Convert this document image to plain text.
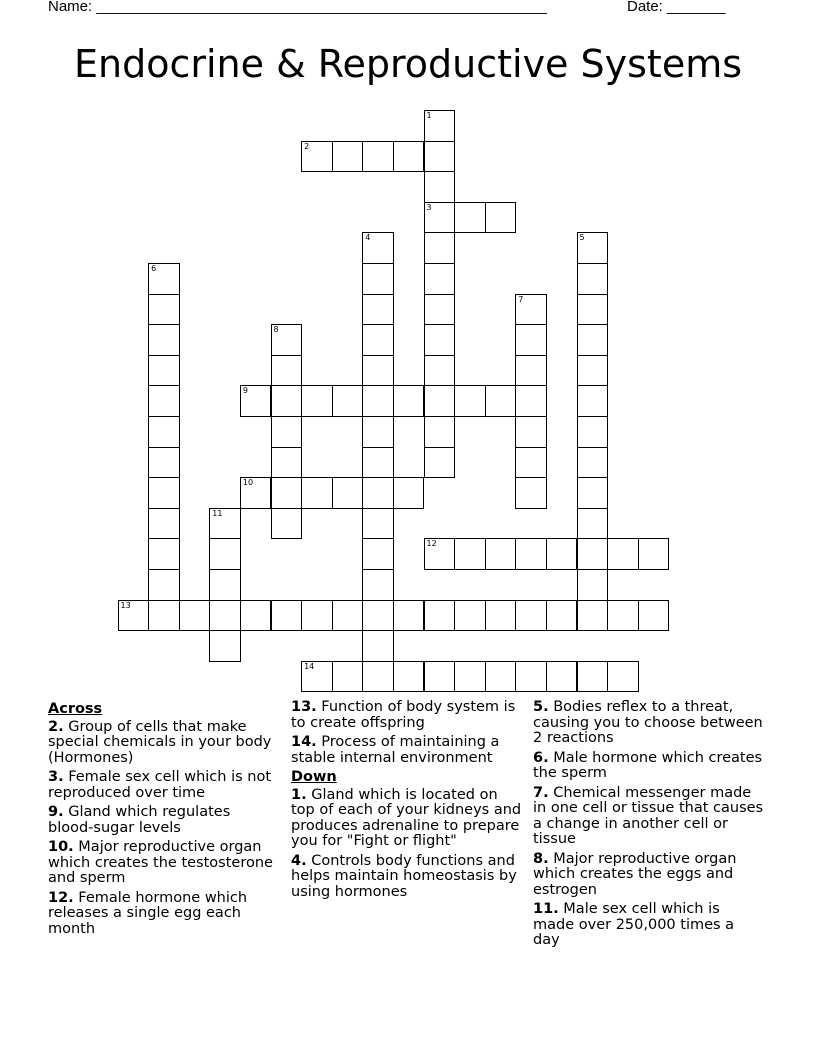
Name: ______________________________________________________	Date: _______
Endocrine & Reproductive Systems
1
3
2
4	5
6
7
8
9
10
11
12
13
14
Across
2. Group of cells that make special chemicals in your body (Hormones)
3. Female sex cell which is not reproduced over time
9. Gland which regulates blood-sugar levels
10. Major reproductive organ which creates the testosterone and sperm
12. Female hormone which releases a single egg each month
13. Function of body system is to create offspring
14. Process of maintaining a stable internal environment
Down
1. Gland which is located on top of each of your kidneys and produces adrenaline to prepare you for "Fight or flight"
4. Controls body functions and helps maintain homeostasis by using hormones
5. Bodies reflex to a threat, causing you to choose between 2 reactions
6. Male hormone which creates the sperm
7. Chemical messenger made in one cell or tissue that causes a change in another cell or tissue
8. Major reproductive organ which creates the eggs and estrogen
11. Male sex cell which is made over 250,000 times a day
